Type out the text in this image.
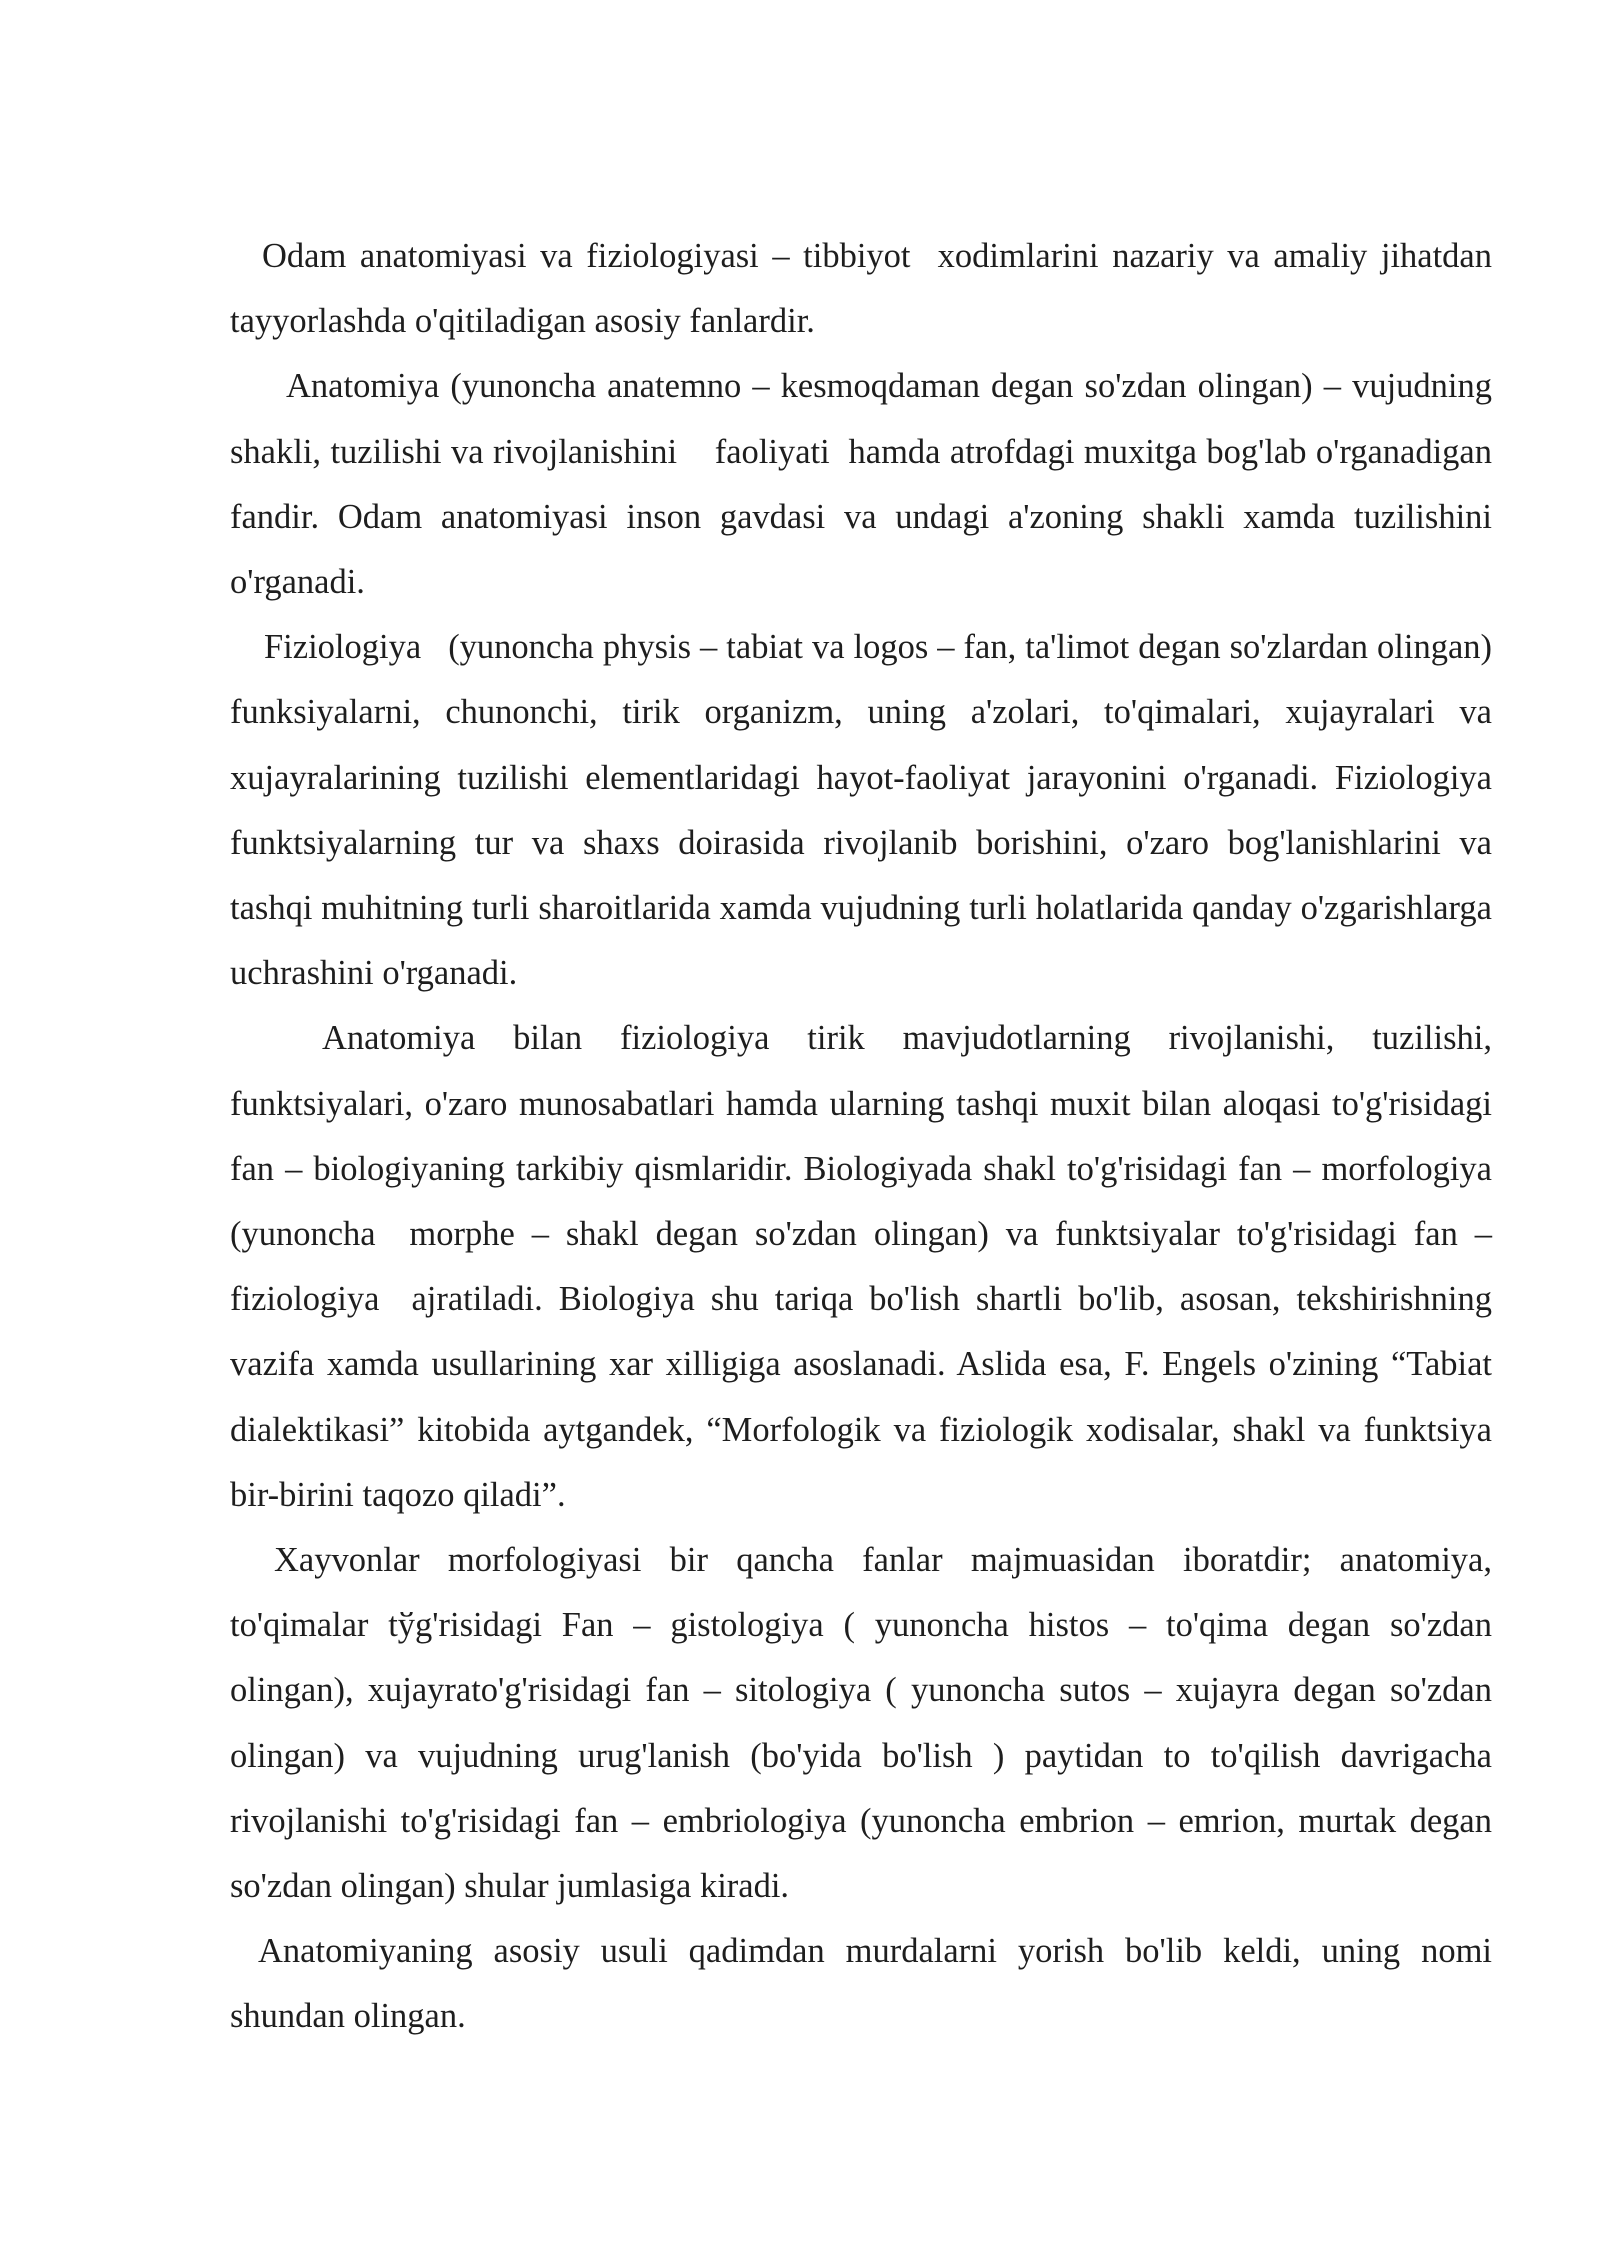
Odam anatomiyasi va fiziologiyasi – tibbiyot  xodimlarini nazariy va amaliy jihatdan tayyorlashda o'qitiladigan asosiy fanlardir.

Anatomiya (yunoncha anatemno – kesmoqdaman degan so'zdan olingan) – vujudning shakli, tuzilishi va rivojlanishini    faoliyati  hamda atrofdagi muxitga bog'lab o'rganadigan fandir. Odam anatomiyasi inson gavdasi va undagi a'zoning shakli xamda tuzilishini o'rganadi.

Fiziologiya   (yunoncha physis – tabiat va logos – fan, ta'limot degan so'zlardan olingan) funksiyalarni, chunonchi, tirik organizm, uning a'zolari, to'qimalari, xujayralari va xujayralarining tuzilishi elementlaridagi hayot-faoliyat jarayonini o'rganadi. Fiziologiya funktsiyalarning tur va shaxs doirasida rivojlanib borishini, o'zaro bog'lanishlarini va tashqi muhitning turli sharoitlarida xamda vujudning turli holatlarida qanday o'zgarishlarga uchrashini o'rganadi.

Anatomiya bilan fiziologiya tirik mavjudotlarning rivojlanishi, tuzilishi, funktsiyalari, o'zaro munosabatlari hamda ularning tashqi muxit bilan aloqasi to'g'risidagi fan – biologiyaning tarkibiy qismlaridir. Biologiyada shakl to'g'risidagi fan – morfologiya (yunoncha  morphe – shakl degan so'zdan olingan) va funktsiyalar to'g'risidagi fan – fiziologiya  ajratiladi. Biologiya shu tariqa bo'lish shartli bo'lib, asosan, tekshirishning vazifa xamda usullarining xar xilligiga asoslanadi. Aslida esa, F. Engels o'zining “Tabiat dialektikasi” kitobida aytgandek, “Morfologik va fiziologik xodisalar, shakl va funktsiya bir-birini taqozo qiladi”.

Xayvonlar morfologiyasi bir qancha fanlar majmuasidan iboratdir; anatomiya, to'qimalar tўg'risidagi Fan – gistologiya ( yunoncha histos – to'qima degan so'zdan olingan), xujayrato'g'risidagi fan – sitologiya ( yunoncha sutos – xujayra degan so'zdan olingan) va vujudning urug'lanish (bo'yida bo'lish ) paytidan to to'qilish davrigacha rivojlanishi to'g'risidagi fan – embriologiya (yunoncha embrion – emrion, murtak degan so'zdan olingan) shular jumlasiga kiradi.

Anatomiyaning asosiy usuli qadimdan murdalarni yorish bo'lib keldi, uning nomi shundan olingan.
